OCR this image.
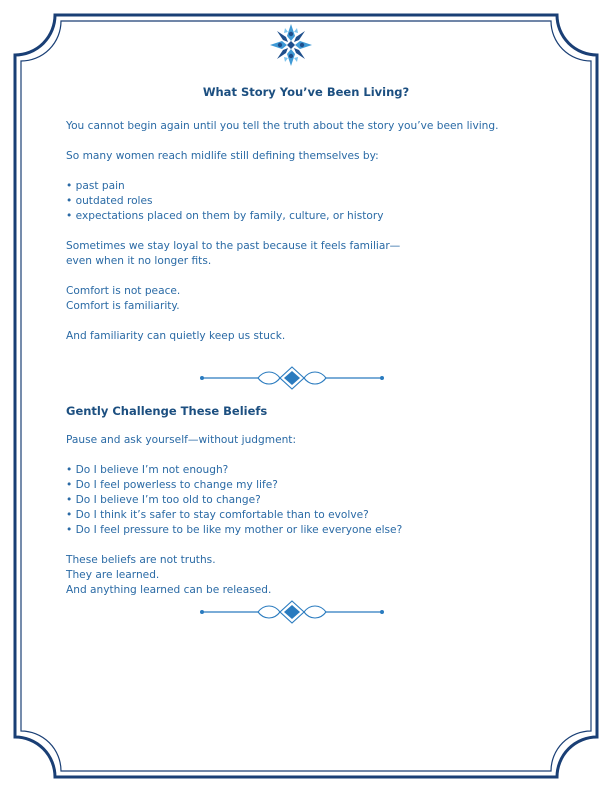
What Story You’ve Been Living?
You cannot begin again until you tell the truth about the story you’ve been living.
So many women reach midlife still defining themselves by:
• past pain
• outdated roles
• expectations placed on them by family, culture, or history
Sometimes we stay loyal to the past because it feels familiar—
even when it no longer fits.
Comfort is not peace.
Comfort is familiarity.
And familiarity can quietly keep us stuck.
Gently Challenge These Beliefs
Pause and ask yourself—without judgment:
• Do I believe I’m not enough?
• Do I feel powerless to change my life?
• Do I believe I’m too old to change?
• Do I think it’s safer to stay comfortable than to evolve?
• Do I feel pressure to be like my mother or like everyone else?
These beliefs are not truths.
They are learned.
And anything learned can be released.
